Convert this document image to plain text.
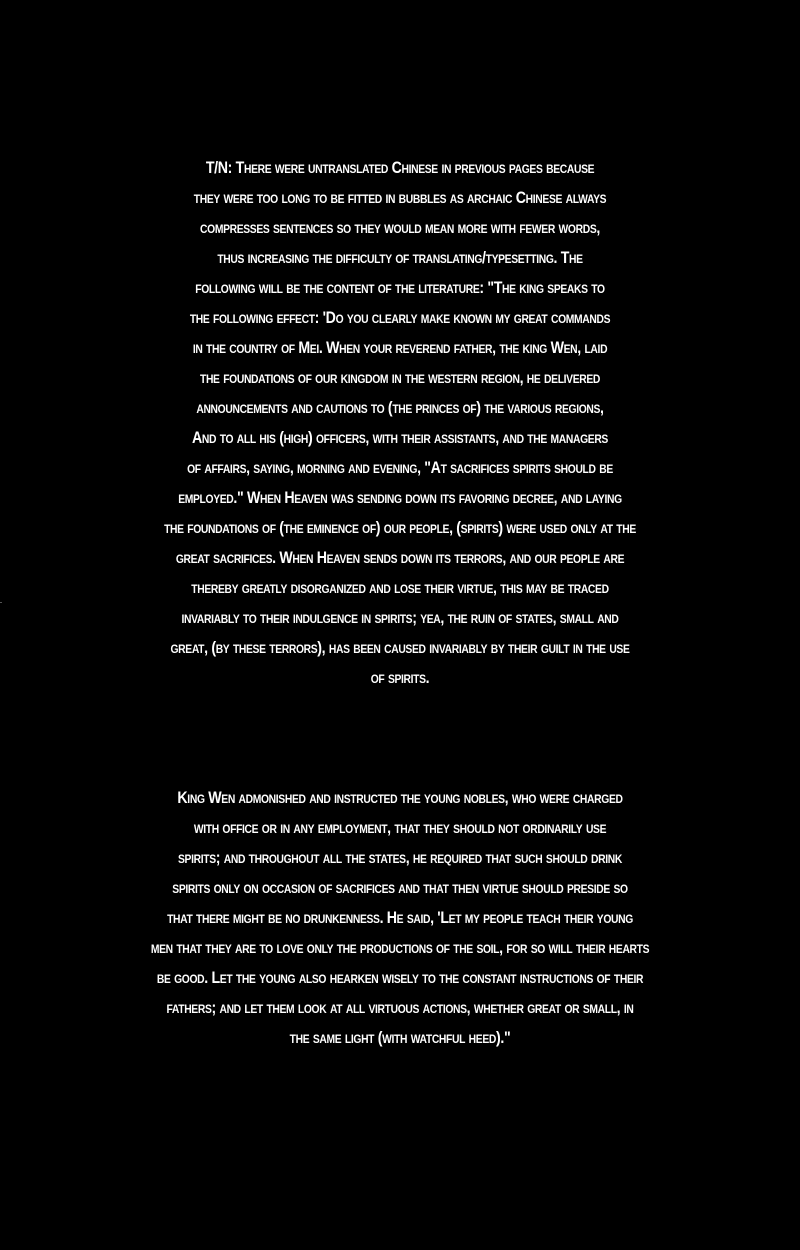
T/N: There were untranslated Chinese in previous pages because
they were too long to be fitted in bubbles as archaic Chinese always
compresses sentences so they would mean more with fewer words,
thus increasing the difficulty of translating/typesetting. The
following will be the content of the literature: "The king speaks to
the following effect: 'Do you clearly make known my great commands
in the country of Mei. When your reverend father, the king Wen, laid
the foundations of our kingdom in the western region, he delivered
announcements and cautions to (the princes of) the various regions,
And to all his (high) officers, with their assistants, and the managers
of affairs, saying, morning and evening, "At sacrifices spirits should be
employed." When Heaven was sending down its favoring decree, and laying
the foundations of (the eminence of) our people, (spirits) were used only at the
great sacrifices. When Heaven sends down its terrors, and our people are
thereby greatly disorganized and lose their virtue, this may be traced
invariably to their indulgence in spirits; yea, the ruin of states, small and
great, (by these terrors), has been caused invariably by their guilt in the use
of spirits.
King Wen admonished and instructed the young nobles, who were charged
with office or in any employment, that they should not ordinarily use
spirits; and throughout all the states, he required that such should drink
spirits only on occasion of sacrifices and that then virtue should preside so
that there might be no drunkenness. He said, 'Let my people teach their young
men that they are to love only the productions of the soil, for so will their hearts
be good. Let the young also hearken wisely to the constant instructions of their
fathers; and let them look at all virtuous actions, whether great or small, in
the same light (with watchful heed)."
